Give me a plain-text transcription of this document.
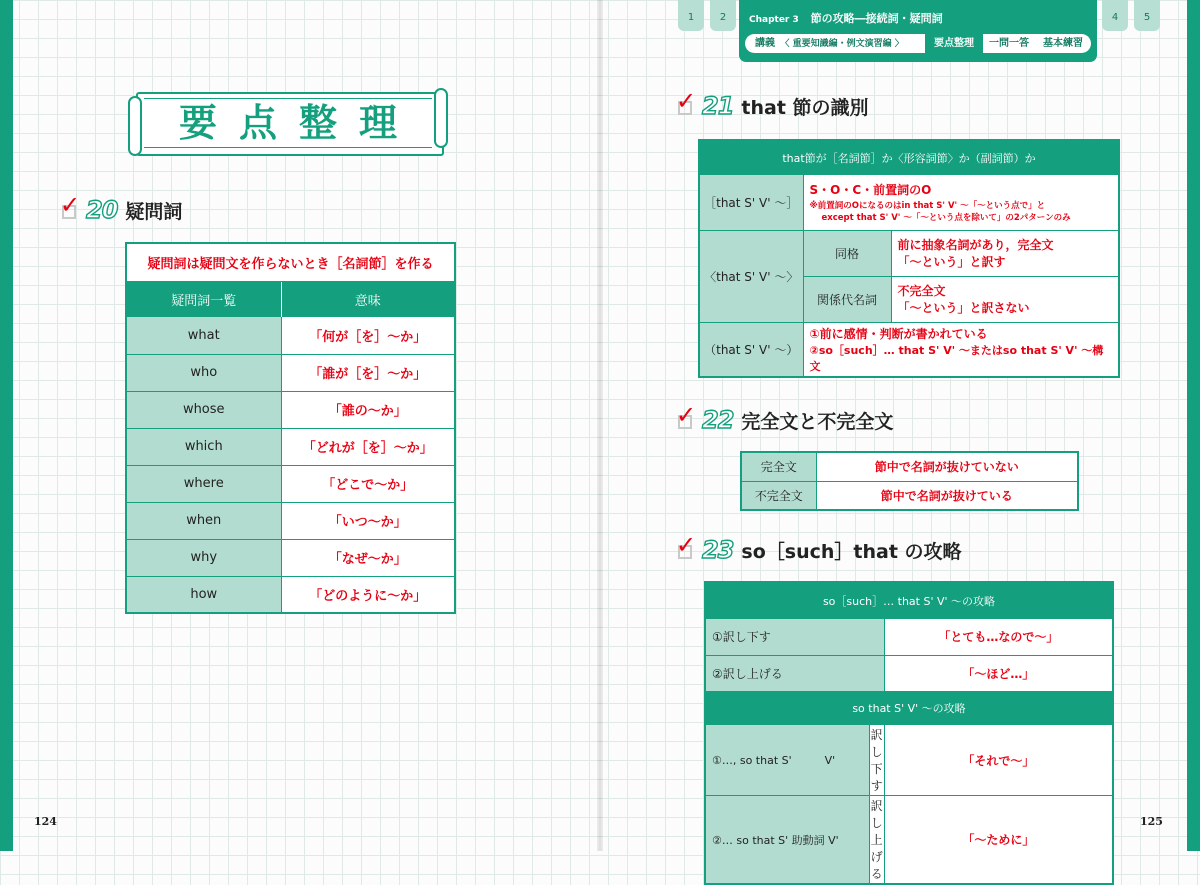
1	2	4	5
Chapter 3 節の攻略―接続詞・疑問詞
講義 〈 重要知識編・例文演習編 〉	要点整理	一問一答	基本練習
要点整理
✓ 20 疑問詞
疑問詞は疑問文を作らないとき［名詞節］を作る	
疑問詞一覧	意味
what	「何が［を］～か」
who	「誰が［を］～か」
whose	「誰の～か」
which	「どれが［を］～か」
where	「どこで～か」
when	「いつ～か」
why	「なぜ～か」
how	「どのように～か」
✓ 21 that 節の識別
that節が［名詞節］か〈形容詞節〉か（副詞節）か		
［that S' V' ～］	S・O・C・前置詞のO
※前置詞のOになるのはin that S' V' ～「～という点で」と
except that S' V' ～「～という点を除いて」の2パターンのみ	

〈that S' V' ～〉	同格	前に抽象名詞があり，完全文
「～という」と訳す

	関係代名詞	不完全文
「～という」と訳さない

（that S' V' ～）	①前に感情・判断が書かれている
②so［such］… that S' V' ～またはso that S' V' ～構文	
✓ 22 完全文と不完全文
完全文	節中で名詞が抜けていない
不完全文	節中で名詞が抜けている
✓ 23 so［such］that の攻略
so［such］… that S' V' ～の攻略		
①訳し下す		「とても…なので～」
②訳し上げる		「～ほど…」
so that S' V' ～の攻略		
①…, so that S'　　　V'	訳し下す	「それで～」
②… so that S' 助動詞 V'	訳し上げる	「～ために」
124	125
